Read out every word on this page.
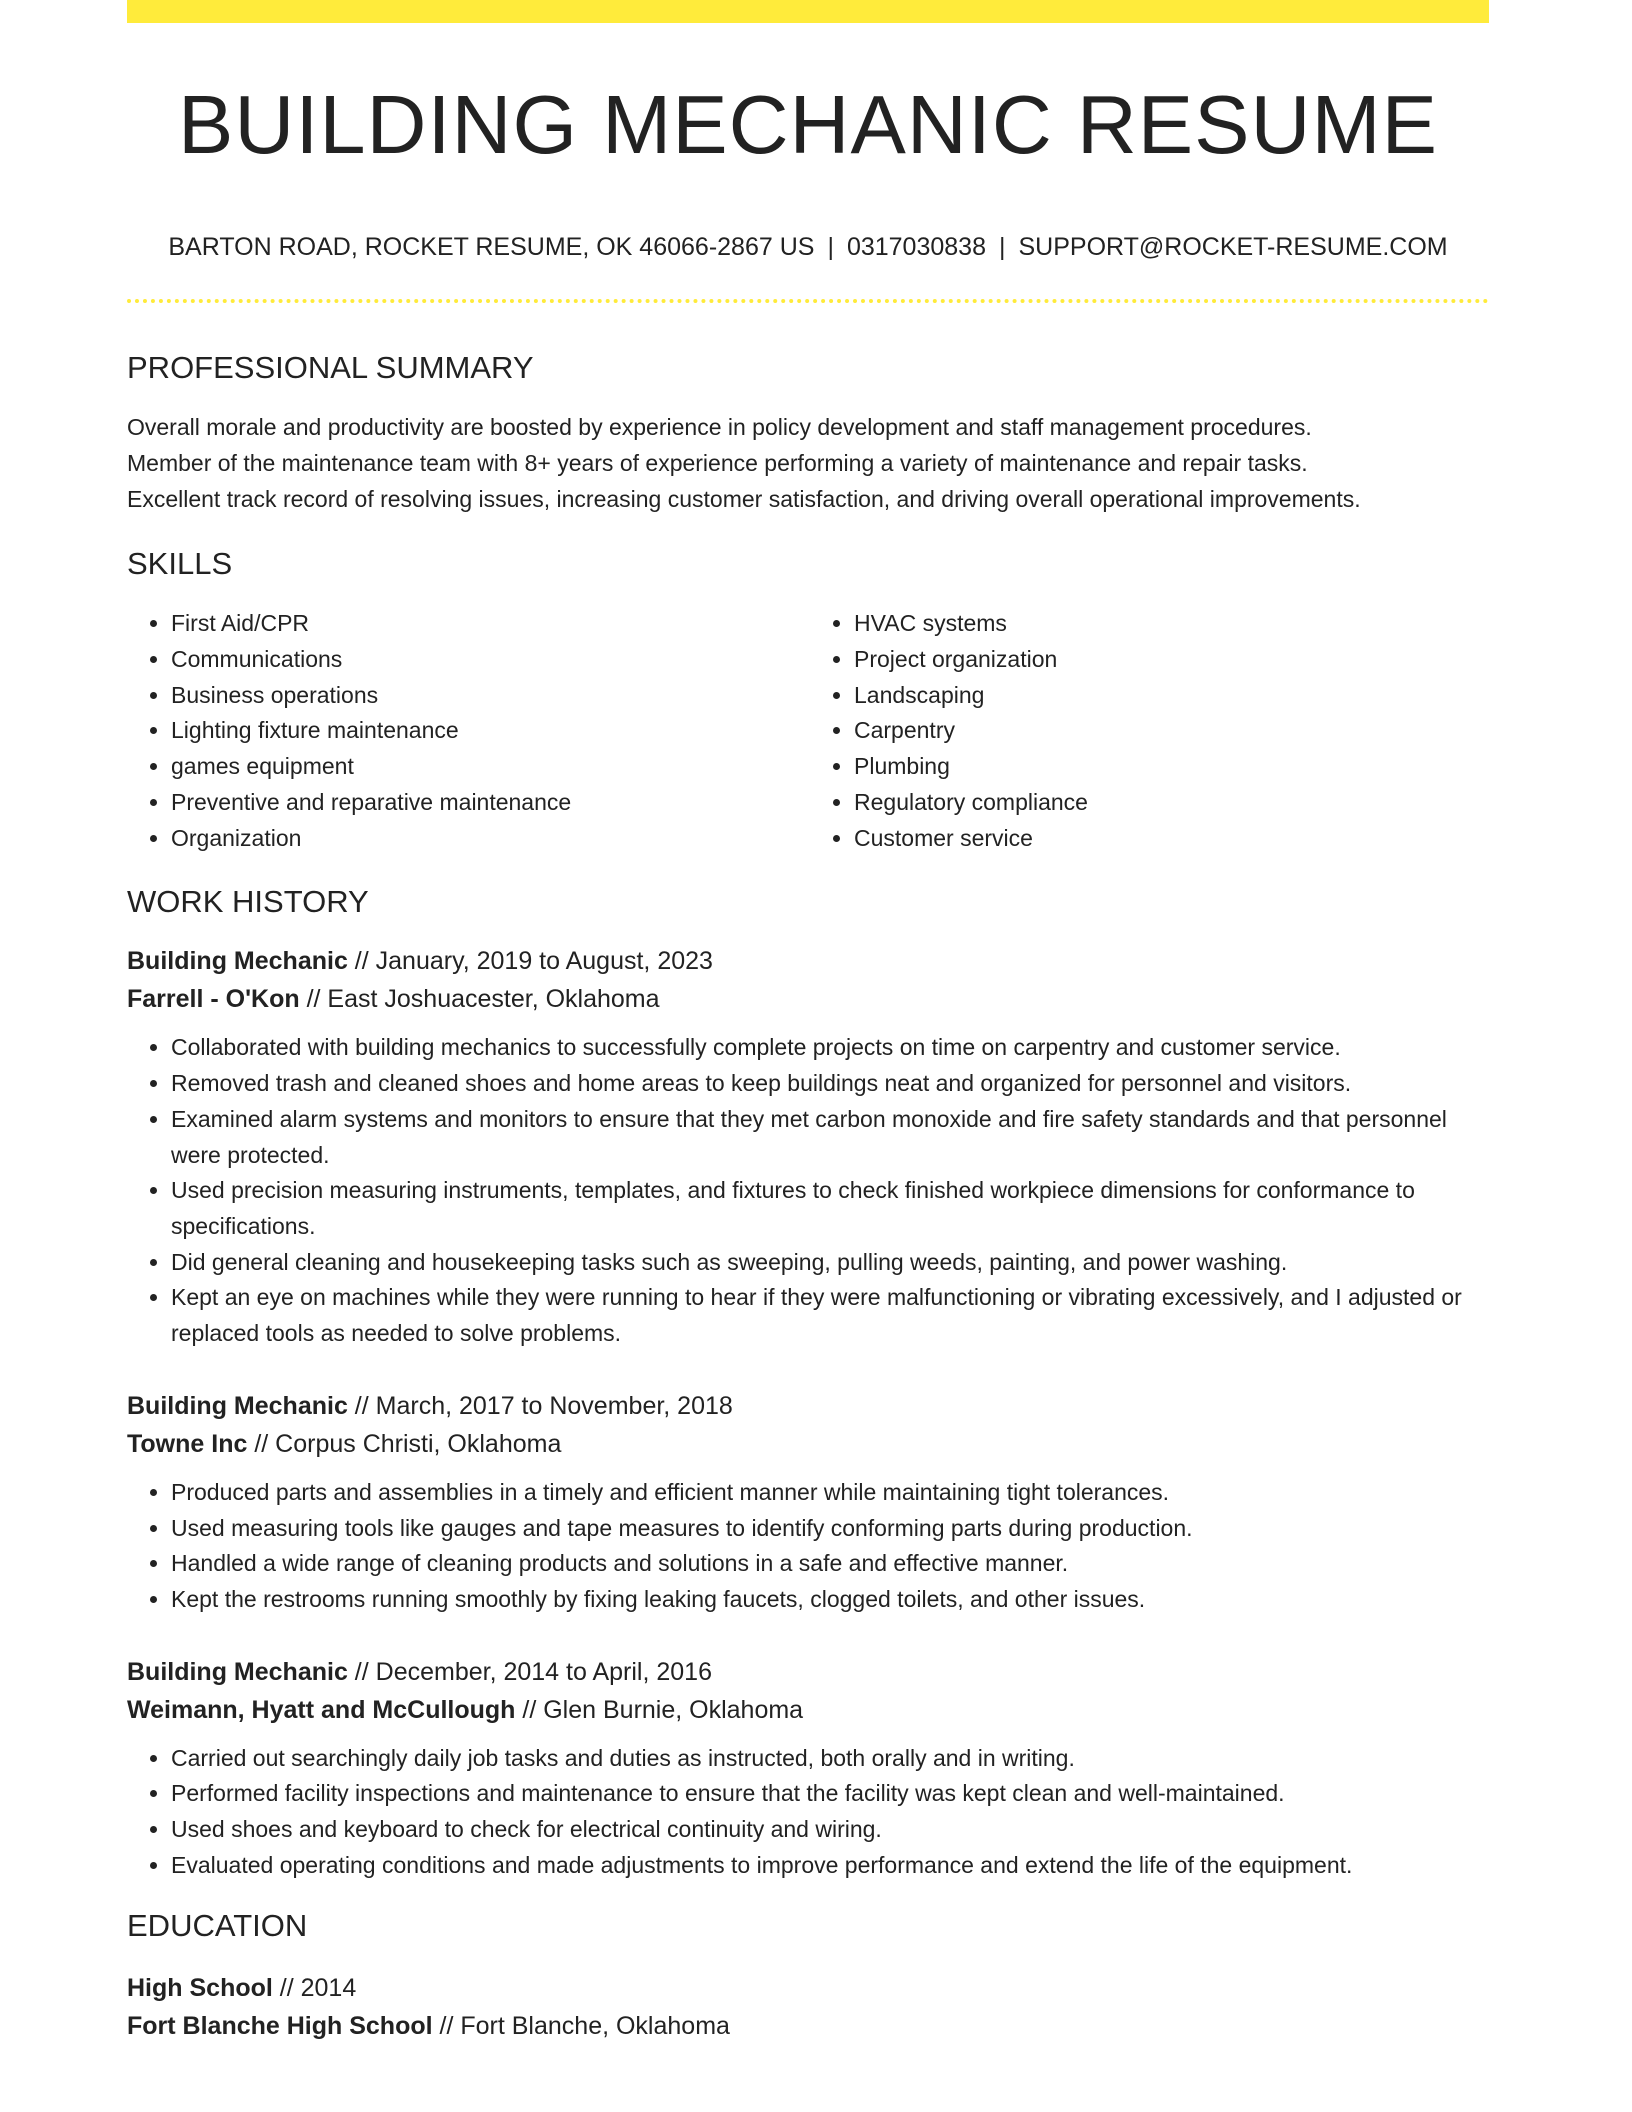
BUILDING MECHANIC RESUME
BARTON ROAD, ROCKET RESUME, OK 46066-2867 US | 0317030838 | SUPPORT@ROCKET-RESUME.COM
PROFESSIONAL SUMMARY
Overall morale and productivity are boosted by experience in policy development and staff management procedures.
Member of the maintenance team with 8+ years of experience performing a variety of maintenance and repair tasks.
Excellent track record of resolving issues, increasing customer satisfaction, and driving overall operational improvements.
SKILLS
• First Aid/CPR
• Communications
• Business operations
• Lighting fixture maintenance
• games equipment
• Preventive and reparative maintenance
• Organization
• HVAC systems
• Project organization
• Landscaping
• Carpentry
• Plumbing
• Regulatory compliance
• Customer service
WORK HISTORY
Building Mechanic // January, 2019 to August, 2023
Farrell - O'Kon // East Joshuacester, Oklahoma
• Collaborated with building mechanics to successfully complete projects on time on carpentry and customer service.
• Removed trash and cleaned shoes and home areas to keep buildings neat and organized for personnel and visitors.
• Examined alarm systems and monitors to ensure that they met carbon monoxide and fire safety standards and that personnel were protected.
• Used precision measuring instruments, templates, and fixtures to check finished workpiece dimensions for conformance to specifications.
• Did general cleaning and housekeeping tasks such as sweeping, pulling weeds, painting, and power washing.
• Kept an eye on machines while they were running to hear if they were malfunctioning or vibrating excessively, and I adjusted or replaced tools as needed to solve problems.
Building Mechanic // March, 2017 to November, 2018
Towne Inc // Corpus Christi, Oklahoma
• Produced parts and assemblies in a timely and efficient manner while maintaining tight tolerances.
• Used measuring tools like gauges and tape measures to identify conforming parts during production.
• Handled a wide range of cleaning products and solutions in a safe and effective manner.
• Kept the restrooms running smoothly by fixing leaking faucets, clogged toilets, and other issues.
Building Mechanic // December, 2014 to April, 2016
Weimann, Hyatt and McCullough // Glen Burnie, Oklahoma
• Carried out searchingly daily job tasks and duties as instructed, both orally and in writing.
• Performed facility inspections and maintenance to ensure that the facility was kept clean and well-maintained.
• Used shoes and keyboard to check for electrical continuity and wiring.
• Evaluated operating conditions and made adjustments to improve performance and extend the life of the equipment.
EDUCATION
High School // 2014
Fort Blanche High School // Fort Blanche, Oklahoma
